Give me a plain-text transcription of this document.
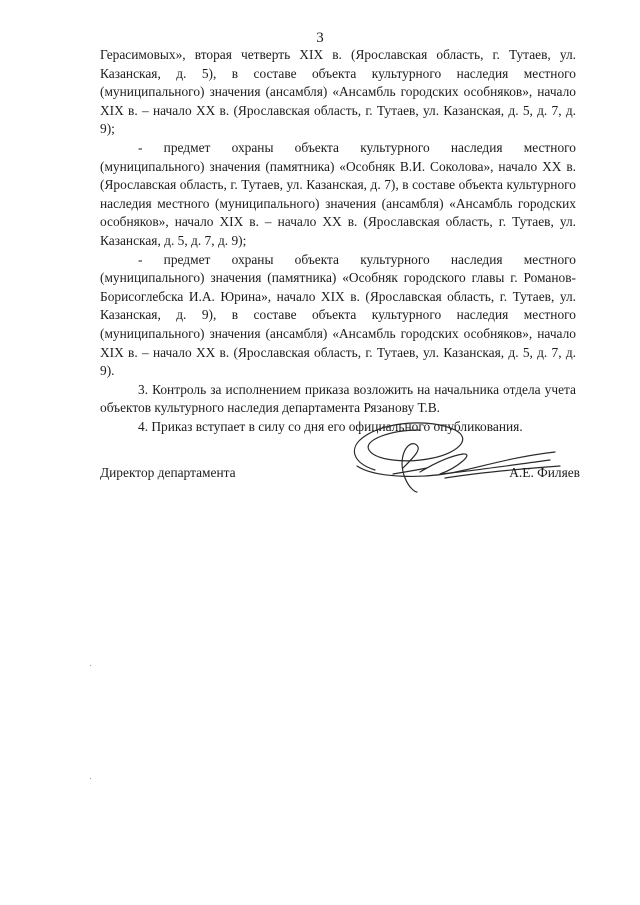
3

Герасимовых», вторая четверть XIX в. (Ярославская область, г. Тутаев, ул. Казанская, д. 5), в составе объекта культурного наследия местного (муниципального) значения (ансамбля) «Ансамбль городских особняков», начало XIX в. – начало XX в. (Ярославская область, г. Тутаев, ул. Казанская, д. 5, д. 7, д. 9);

- предмет охраны объекта культурного наследия местного (муниципального) значения (памятника) «Особняк В.И. Соколова», начало XX в. (Ярославская область, г. Тутаев, ул. Казанская, д. 7), в составе объекта культурного наследия местного (муниципального) значения (ансамбля) «Ансамбль городских особняков», начало XIX в. – начало XX в. (Ярославская область, г. Тутаев, ул. Казанская, д. 5, д. 7, д. 9);

- предмет охраны объекта культурного наследия местного (муниципального) значения (памятника) «Особняк городского главы г. Романов-Борисоглебска И.А. Юрина», начало XIX в. (Ярославская область, г. Тутаев, ул. Казанская, д. 9), в составе объекта культурного наследия местного (муниципального) значения (ансамбля) «Ансамбль городских особняков», начало XIX в. – начало XX в. (Ярославская область, г. Тутаев, ул. Казанская, д. 5, д. 7, д. 9).

3. Контроль за исполнением приказа возложить на начальника отдела учета объектов культурного наследия департамента Рязанову Т.В.

4. Приказ вступает в силу со дня его официального опубликования.

Директор департамента	А.Е. Филяев
